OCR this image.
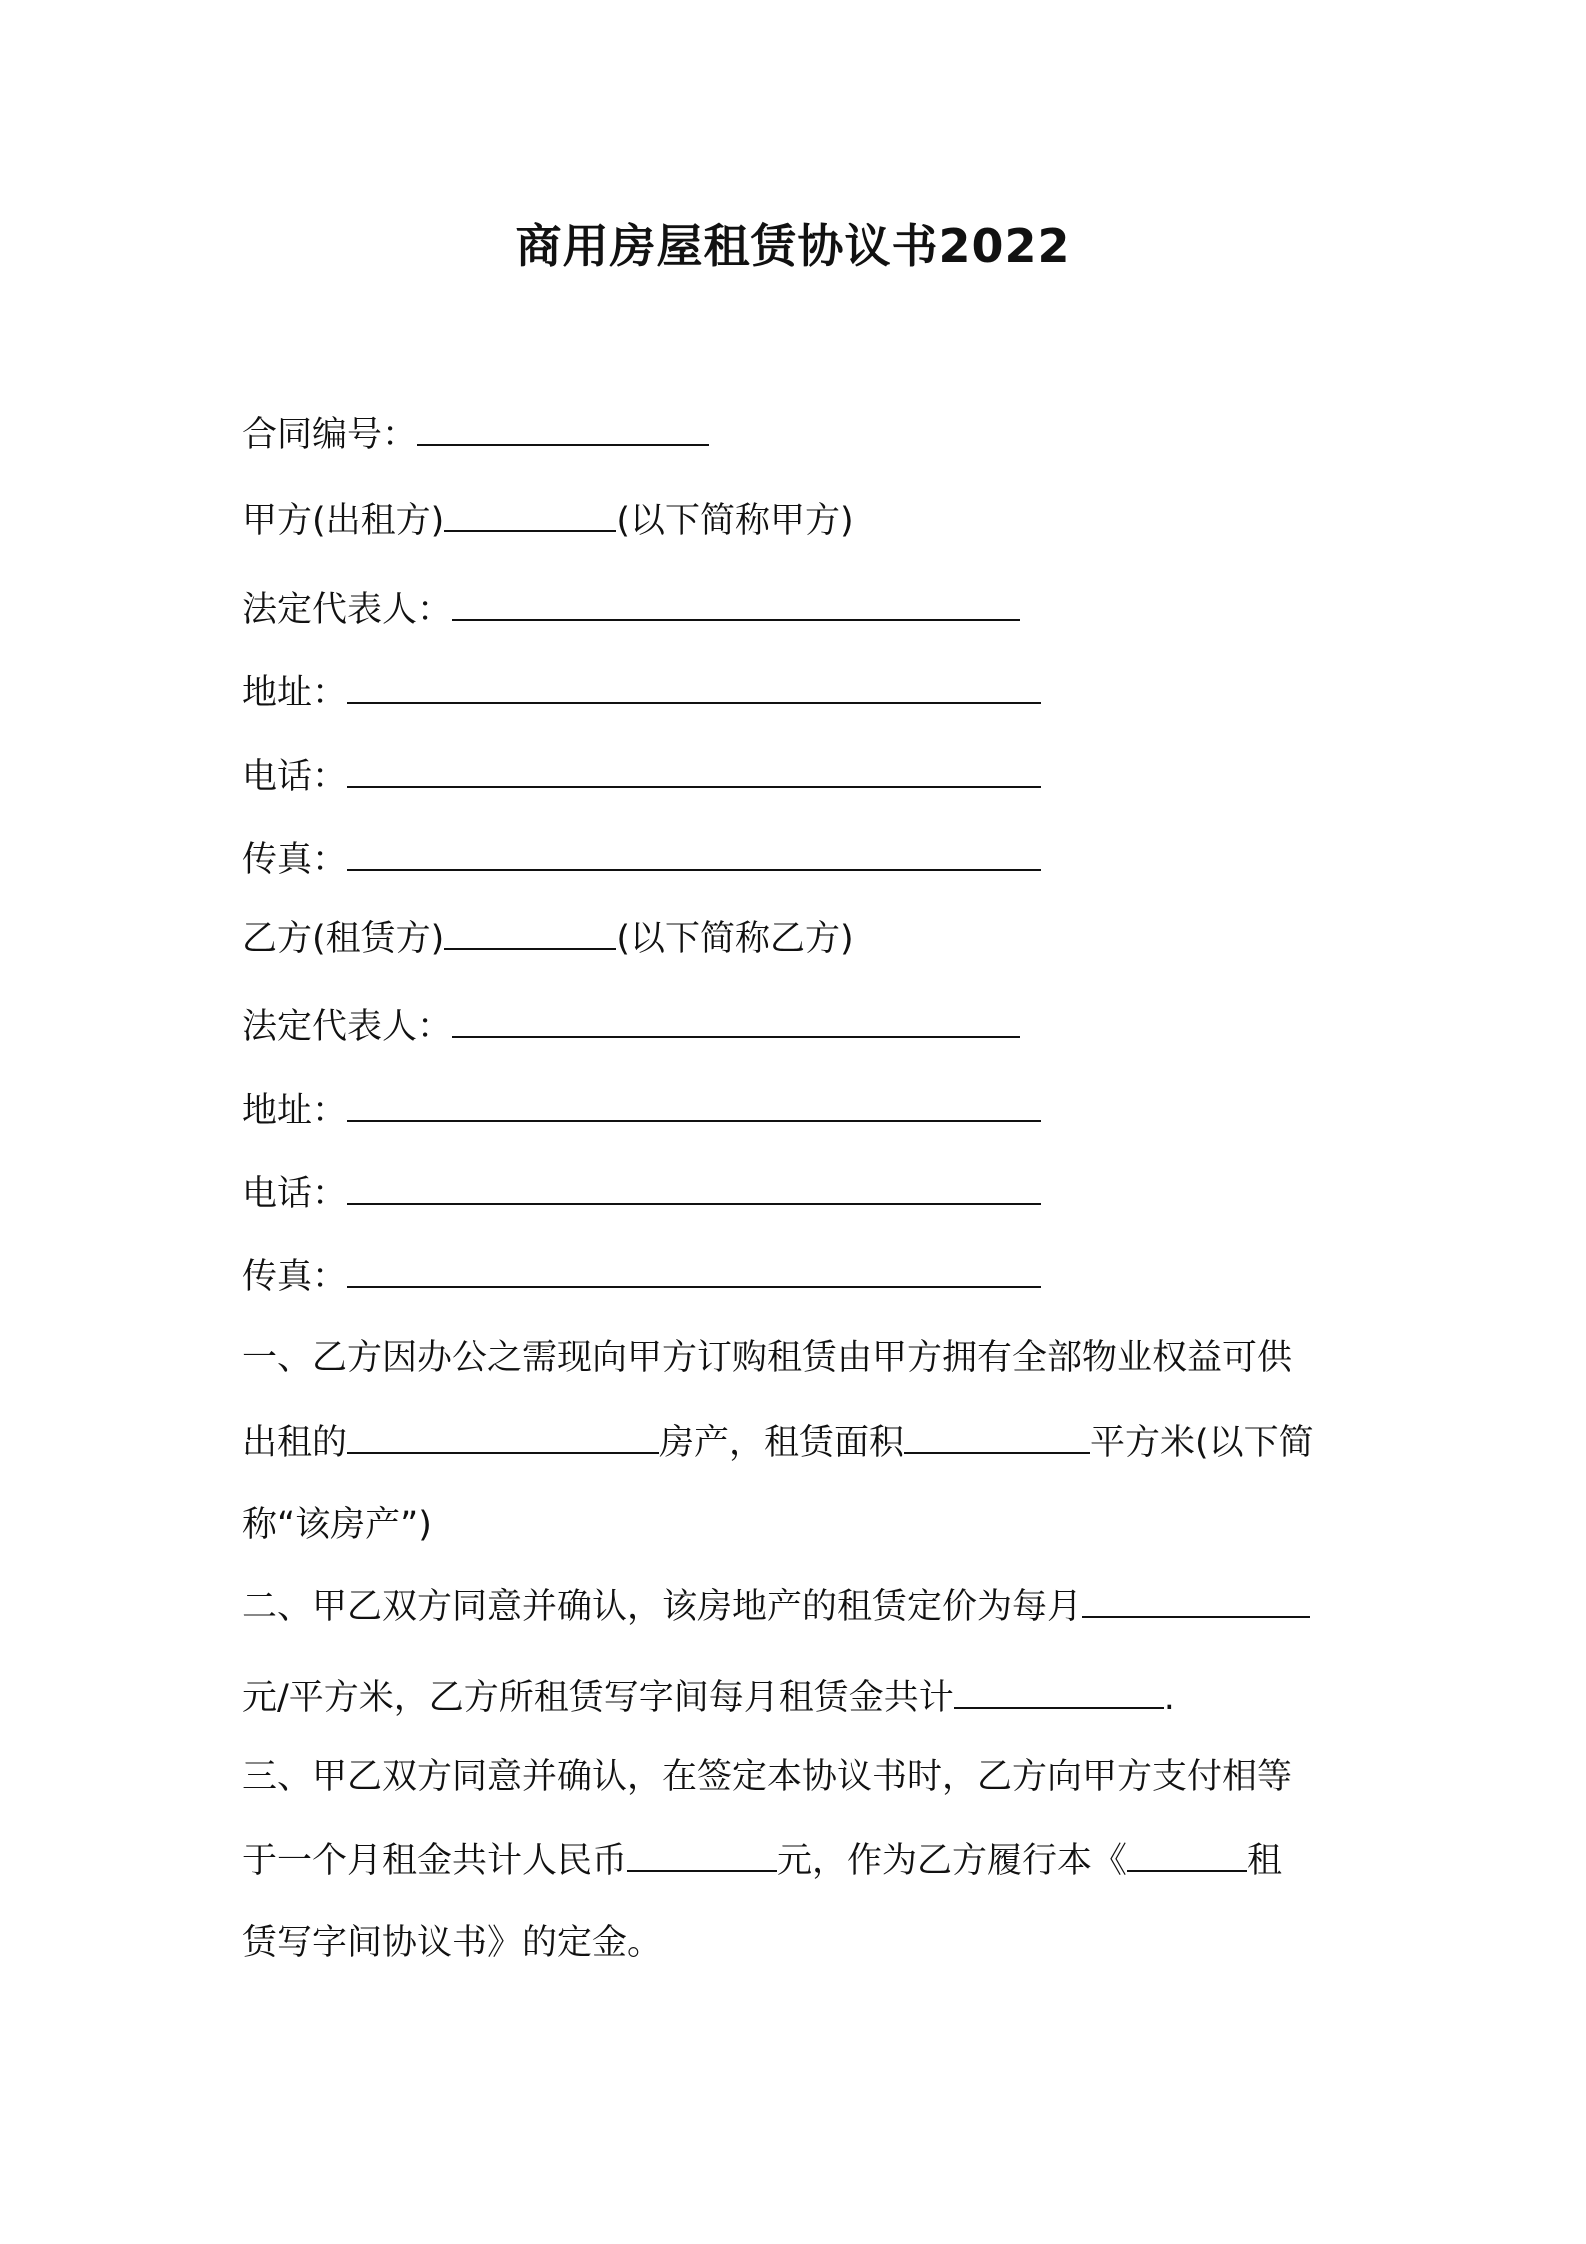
商用房屋租赁协议书2022
合同编号：
甲方(出租方)	(以下简称甲方)
法定代表人：
地址：
电话：
传真：
乙方(租赁方)	(以下简称乙方)
法定代表人：
地址：
电话：
传真：
一、乙方因办公之需现向甲方订购租赁由甲方拥有全部物业权益可供
出租的	房产，租赁面积	平方米(以下简
称“该房产”)
二、甲乙双方同意并确认，该房地产的租赁定价为每月
元/平方米，乙方所租赁写字间每月租赁金共计	.
三、甲乙双方同意并确认，在签定本协议书时，乙方向甲方支付相等
于一个月租金共计人民币	元，作为乙方履行本《	租
赁写字间协议书》的定金。
